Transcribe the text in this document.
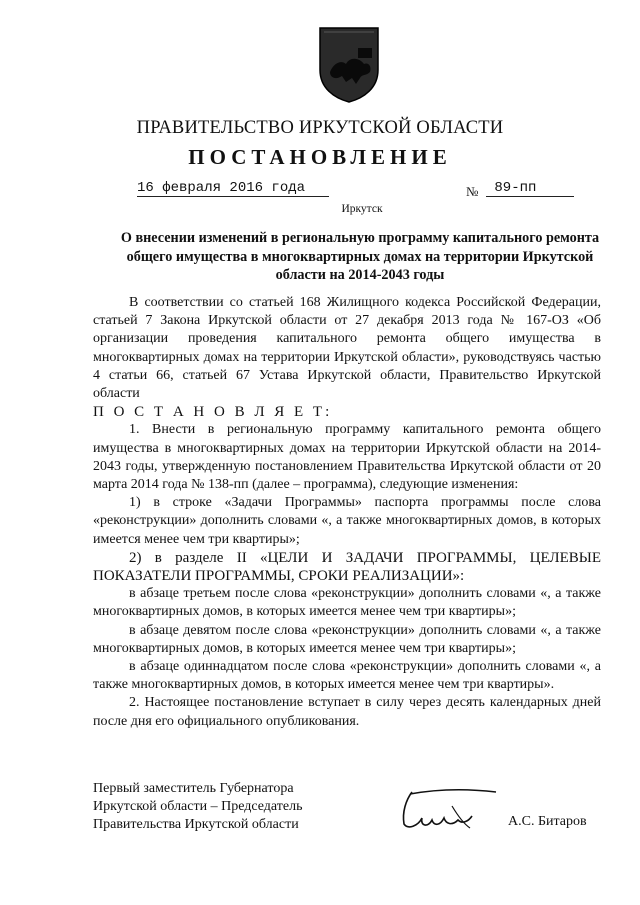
ПРАВИТЕЛЬСТВО ИРКУТСКОЙ ОБЛАСТИ
ПОСТАНОВЛЕНИЕ
16 февраля 2016 года	№	89-пп
Иркутск
О внесении изменений в региональную программу капитального ремонта общего имущества в многоквартирных домах на территории Иркутской области на 2014-2043 годы

В соответствии со статьей 168 Жилищного кодекса Российской Федерации, статьей 7 Закона Иркутской области от 27 декабря 2013 года № 167-ОЗ «Об организации проведения капитального ремонта общего имущества в многоквартирных домах на территории Иркутской области», руководствуясь частью 4 статьи 66, статьей 67 Устава Иркутской области, Правительство Иркутской области

П О С Т А Н О В Л Я Е Т:

1. Внести в региональную программу капитального ремонта общего имущества в многоквартирных домах на территории Иркутской области на 2014-2043 годы, утвержденную постановлением Правительства Иркутской области от 20 марта 2014 года № 138-пп (далее – программа), следующие изменения:

1) в строке «Задачи Программы» паспорта программы после слова «реконструкции» дополнить словами «, а также многоквартирных домов, в которых имеется менее чем три квартиры»;

2) в разделе II «ЦЕЛИ И ЗАДАЧИ ПРОГРАММЫ, ЦЕЛЕВЫЕ ПОКАЗАТЕЛИ ПРОГРАММЫ, СРОКИ РЕАЛИЗАЦИИ»:

в абзаце третьем после слова «реконструкции» дополнить словами «, а также многоквартирных домов, в которых имеется менее чем три квартиры»;

в абзаце девятом после слова «реконструкции» дополнить словами «, а также многоквартирных домов, в которых имеется менее чем три квартиры»;

в абзаце одиннадцатом после слова «реконструкции» дополнить словами «, а также многоквартирных домов, в которых имеется менее чем три квартиры».

2. Настоящее постановление вступает в силу через десять календарных дней после дня его официального опубликования.

Первый заместитель Губернатора
Иркутской области – Председатель
Правительства Иркутской области	А.С. Битаров
